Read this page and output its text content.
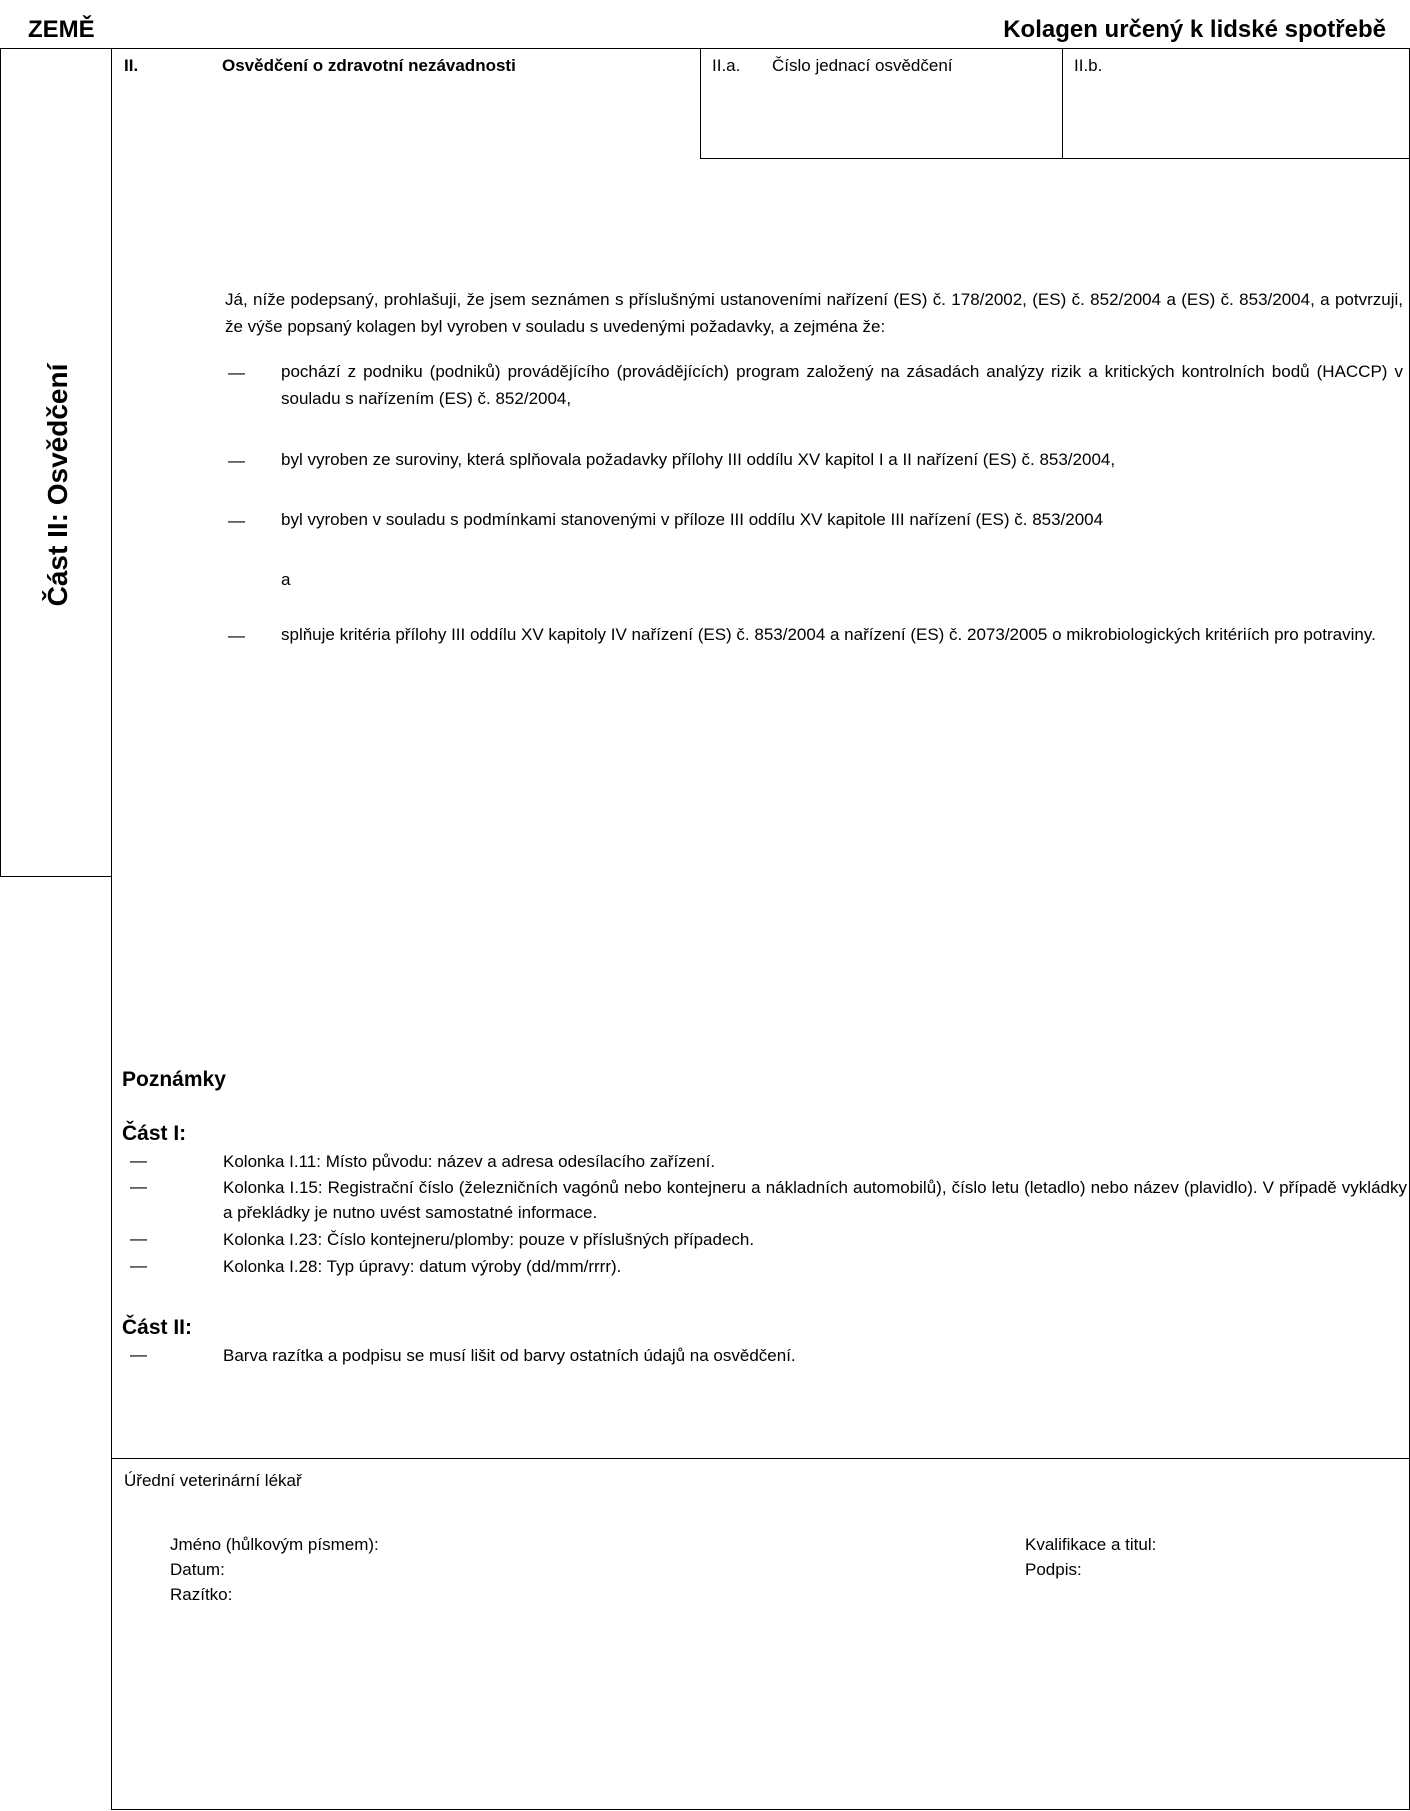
ZEMĚ	Kolagen určený k lidské spotřebě
Část II: Osvědčení
II.	Osvědčení o zdravotní nezávadnosti	II.a. Číslo jednací osvědčení	II.b.
Já, níže podepsaný, prohlašuji, že jsem seznámen s příslušnými ustanoveními nařízení (ES) č. 178/2002, (ES) č. 852/2004 a (ES) č. 853/2004, a potvrzuji, že výše popsaný kolagen byl vyroben v souladu s uvedenými požadavky, a zejména že:
— pochází z podniku (podniků) provádějícího (provádějících) program založený na zásadách analýzy rizik a kritických kontrolních bodů (HACCP) v souladu s nařízením (ES) č. 852/2004,
— byl vyroben ze suroviny, která splňovala požadavky přílohy III oddílu XV kapitol I a II nařízení (ES) č. 853/2004,
— byl vyroben v souladu s podmínkami stanovenými v příloze III oddílu XV kapitole III nařízení (ES) č. 853/2004
a
— splňuje kritéria přílohy III oddílu XV kapitoly IV nařízení (ES) č. 853/2004 a nařízení (ES) č. 2073/2005 o mikrobiologických kritériích pro potraviny.
Poznámky
Část I:
—	Kolonka I.11: Místo původu: název a adresa odesílacího zařízení.
—	Kolonka I.15: Registrační číslo (železničních vagónů nebo kontejneru a nákladních automobilů), číslo letu (letadlo) nebo název (plavidlo). V případě vykládky a překládky je nutno uvést samostatné informace.
—	Kolonka I.23: Číslo kontejneru/plomby: pouze v příslušných případech.
—	Kolonka I.28: Typ úpravy: datum výroby (dd/mm/rrrr).
Část II:
—	Barva razítka a podpisu se musí lišit od barvy ostatních údajů na osvědčení.
Úřední veterinární lékař
Jméno (hůlkovým písmem):
Datum:
Razítko:
Kvalifikace a titul:
Podpis:
